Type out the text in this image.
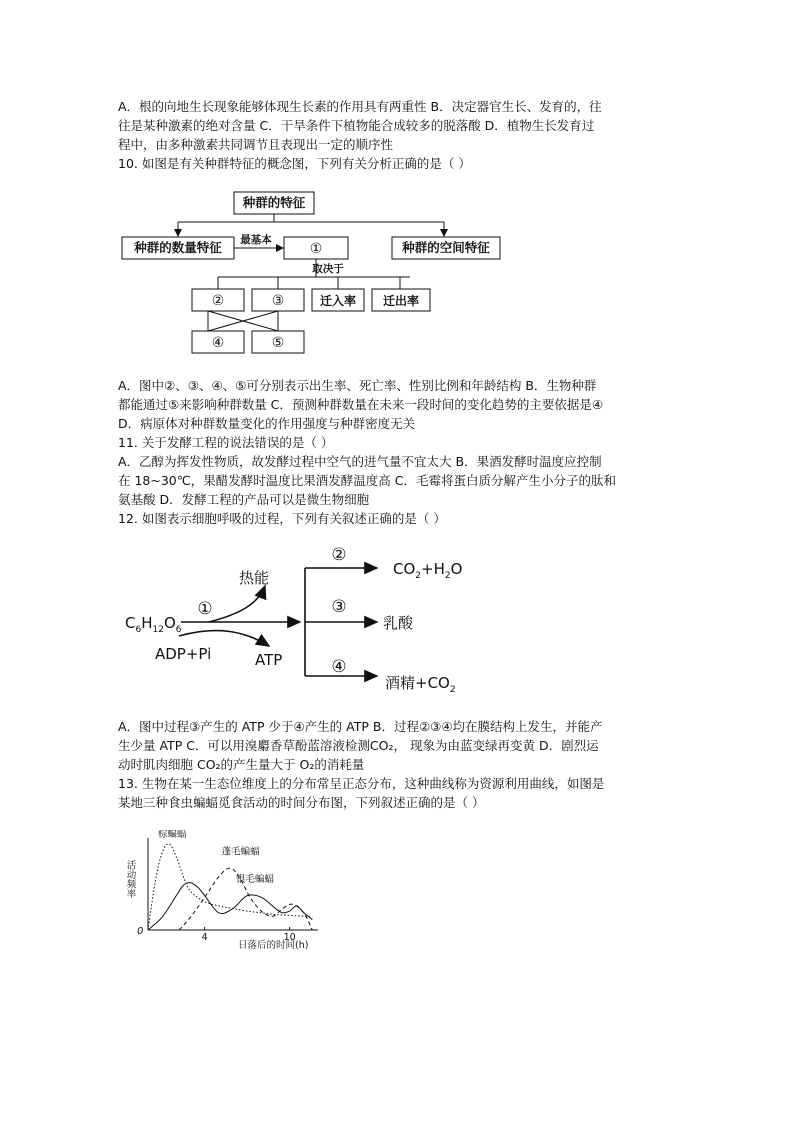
A．根的向地生长现象能够体现生长素的作用具有两重性 B．决定器官生长、发育的，往

往是某种激素的绝对含量 C．干旱条件下植物能合成较多的脱落酸 D．植物生长发育过

程中，由多种激素共同调节且表现出一定的顺序性

10. 如图是有关种群特征的概念图，下列有关分析正确的是（ ）

种群的特征
种群的数量特征 最基本
①	种群的空间特征
取决于
②	③	迁入率 迁出率
④	⑤

A．图中②、③、④、⑤可分别表示出生率、死亡率、性别比例和年龄结构 B．生物种群

都能通过⑤来影响种群数量 C．预测种群数量在未来一段时间的变化趋势的主要依据是④

D．病原体对种群数量变化的作用强度与种群密度无关

11. 关于发酵工程的说法错误的是（ ）

A．乙醇为挥发性物质，故发酵过程中空气的进气量不宜太大 B．果酒发酵时温度应控制

在 18~30℃，果醋发酵时温度比果酒发酵温度高 C．毛霉将蛋白质分解产生小分子的肽和

氨基酸 D．发酵工程的产品可以是微生物细胞

12. 如图表示细胞呼吸的过程，下列有关叙述正确的是（ ）

$C_6H_{12}O_6$
①
热能
ADP+Pi	ATP
②
$CO_2+H_2O$
③
乳酸
④
酒精$+CO_2$

A．图中过程③产生的 ATP 少于④产生的 ATP B．过程②③④均在膜结构上发生，并能产

生少量 ATP C．可以用溴麝香草酚蓝溶液检测CO₂， 现象为由蓝变绿再变黄 D．剧烈运

动时肌肉细胞 CO₂的产生量大于 O₂的消耗量

13. 生物在某一生态位维度上的分布常呈正态分布，这种曲线称为资源利用曲线，如图是

某地三种食虫蝙蝠觅食活动的时间分布图，下列叙述正确的是（ ）

0
活动频率
日落后的时间(h)
棕蝙蝠
蓬毛蝙蝠
银毛蝙蝠
4	10
